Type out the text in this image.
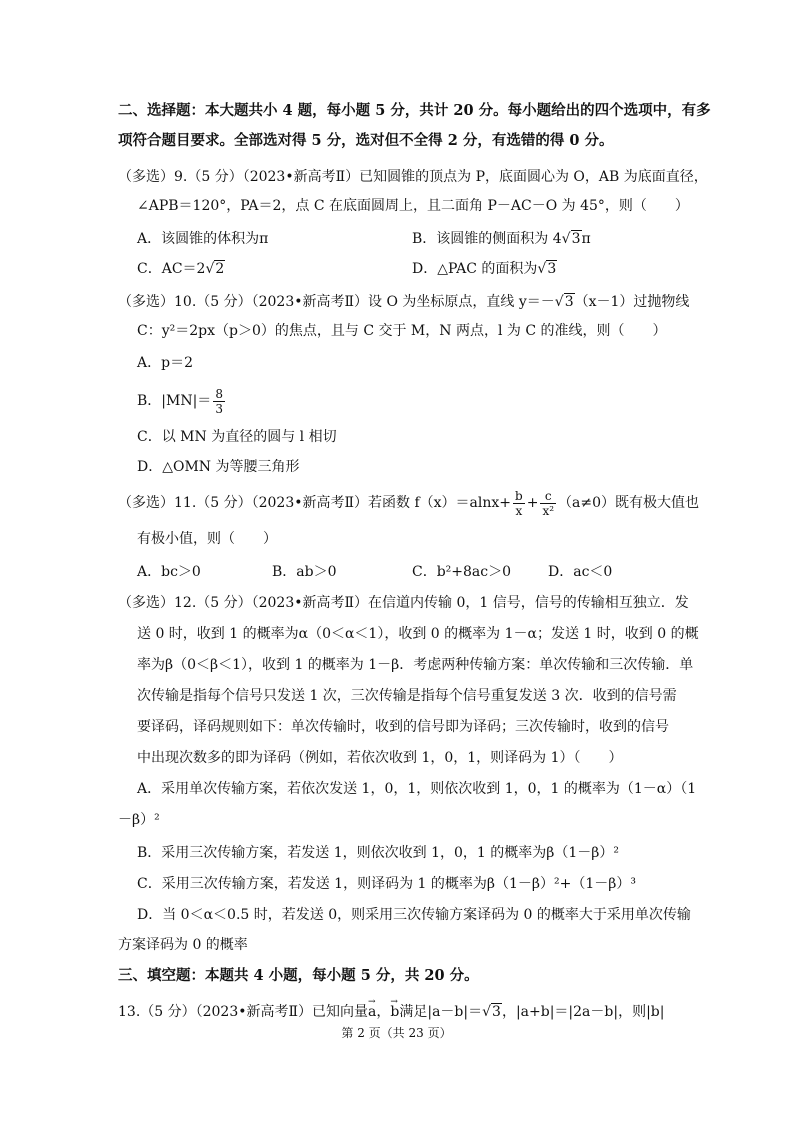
二、选择题：本大题共小 4 题，每小题 5 分，共计 20 分。每小题给出的四个选项中，有多
项符合题目要求。全部选对得 5 分，选对但不全得 2 分，有选错的得 0 分。
（多选）9.（5 分）（2023•新高考Ⅱ）已知圆锥的顶点为 P，底面圆心为 O，AB 为底面直径，
∠APB＝120°，PA＝2，点 C 在底面圆周上，且二面角 P－AC－O 为 45°，则（　　）
A．该圆锥的体积为π	B．该圆锥的侧面积为 4√3π
C．AC＝2√2	D．△PAC 的面积为√3
（多选）10.（5 分）（2023•新高考Ⅱ）设 O 为坐标原点，直线 y＝－√3（x－1）过抛物线
C：y²＝2px（p＞0）的焦点，且与 C 交于 M，N 两点，l 为 C 的准线，则（　　）
A．p＝2
B．$|MN|= \frac{8}{3}$
C．以 MN 为直径的圆与 l 相切
D．△OMN 为等腰三角形
（多选）11.（5 分）（2023•新高考Ⅱ）若函数 $f(x)=alnx+ \frac{b}{x} + \frac{c}{\text{x²}} (a\ne 0)$既有极大值也
有极小值，则（　　）
A．bc＞0	B．ab＞0	C．b²+8ac＞0	D．ac＜0
（多选）12.（5 分）（2023•新高考Ⅱ）在信道内传输 0，1 信号，信号的传输相互独立．发
送 0 时，收到 1 的概率为α（0＜α＜1），收到 0 的概率为 1－α；发送 1 时，收到 0 的概
率为β（0＜β＜1），收到 1 的概率为 1－β．考虑两种传输方案：单次传输和三次传输．单
次传输是指每个信号只发送 1 次，三次传输是指每个信号重复发送 3 次．收到的信号需
要译码，译码规则如下：单次传输时，收到的信号即为译码；三次传输时，收到的信号
中出现次数多的即为译码（例如，若依次收到 1，0，1，则译码为 1）（　　）
A．采用单次传输方案，若依次发送 1，0，1，则依次收到 1，0，1 的概率为（1－α）（1
－β）²
B．采用三次传输方案，若发送 1，则依次收到 1，0，1 的概率为β（1－β）²
C．采用三次传输方案，若发送 1，则译码为 1 的概率为β（1－β）²+（1－β）³
D．当 0＜α＜0.5 时，若发送 0，则采用三次传输方案译码为 0 的概率大于采用单次传输
方案译码为 0 的概率
三、填空题：本题共 4 小题，每小题 5 分，共 20 分。
13.（5 分）（2023•新高考Ⅱ）已知向量→ a，→ b满足|a－b|＝√3，|a+b|＝|2a－b|，则|b|
第 2 页（共 23 页）
